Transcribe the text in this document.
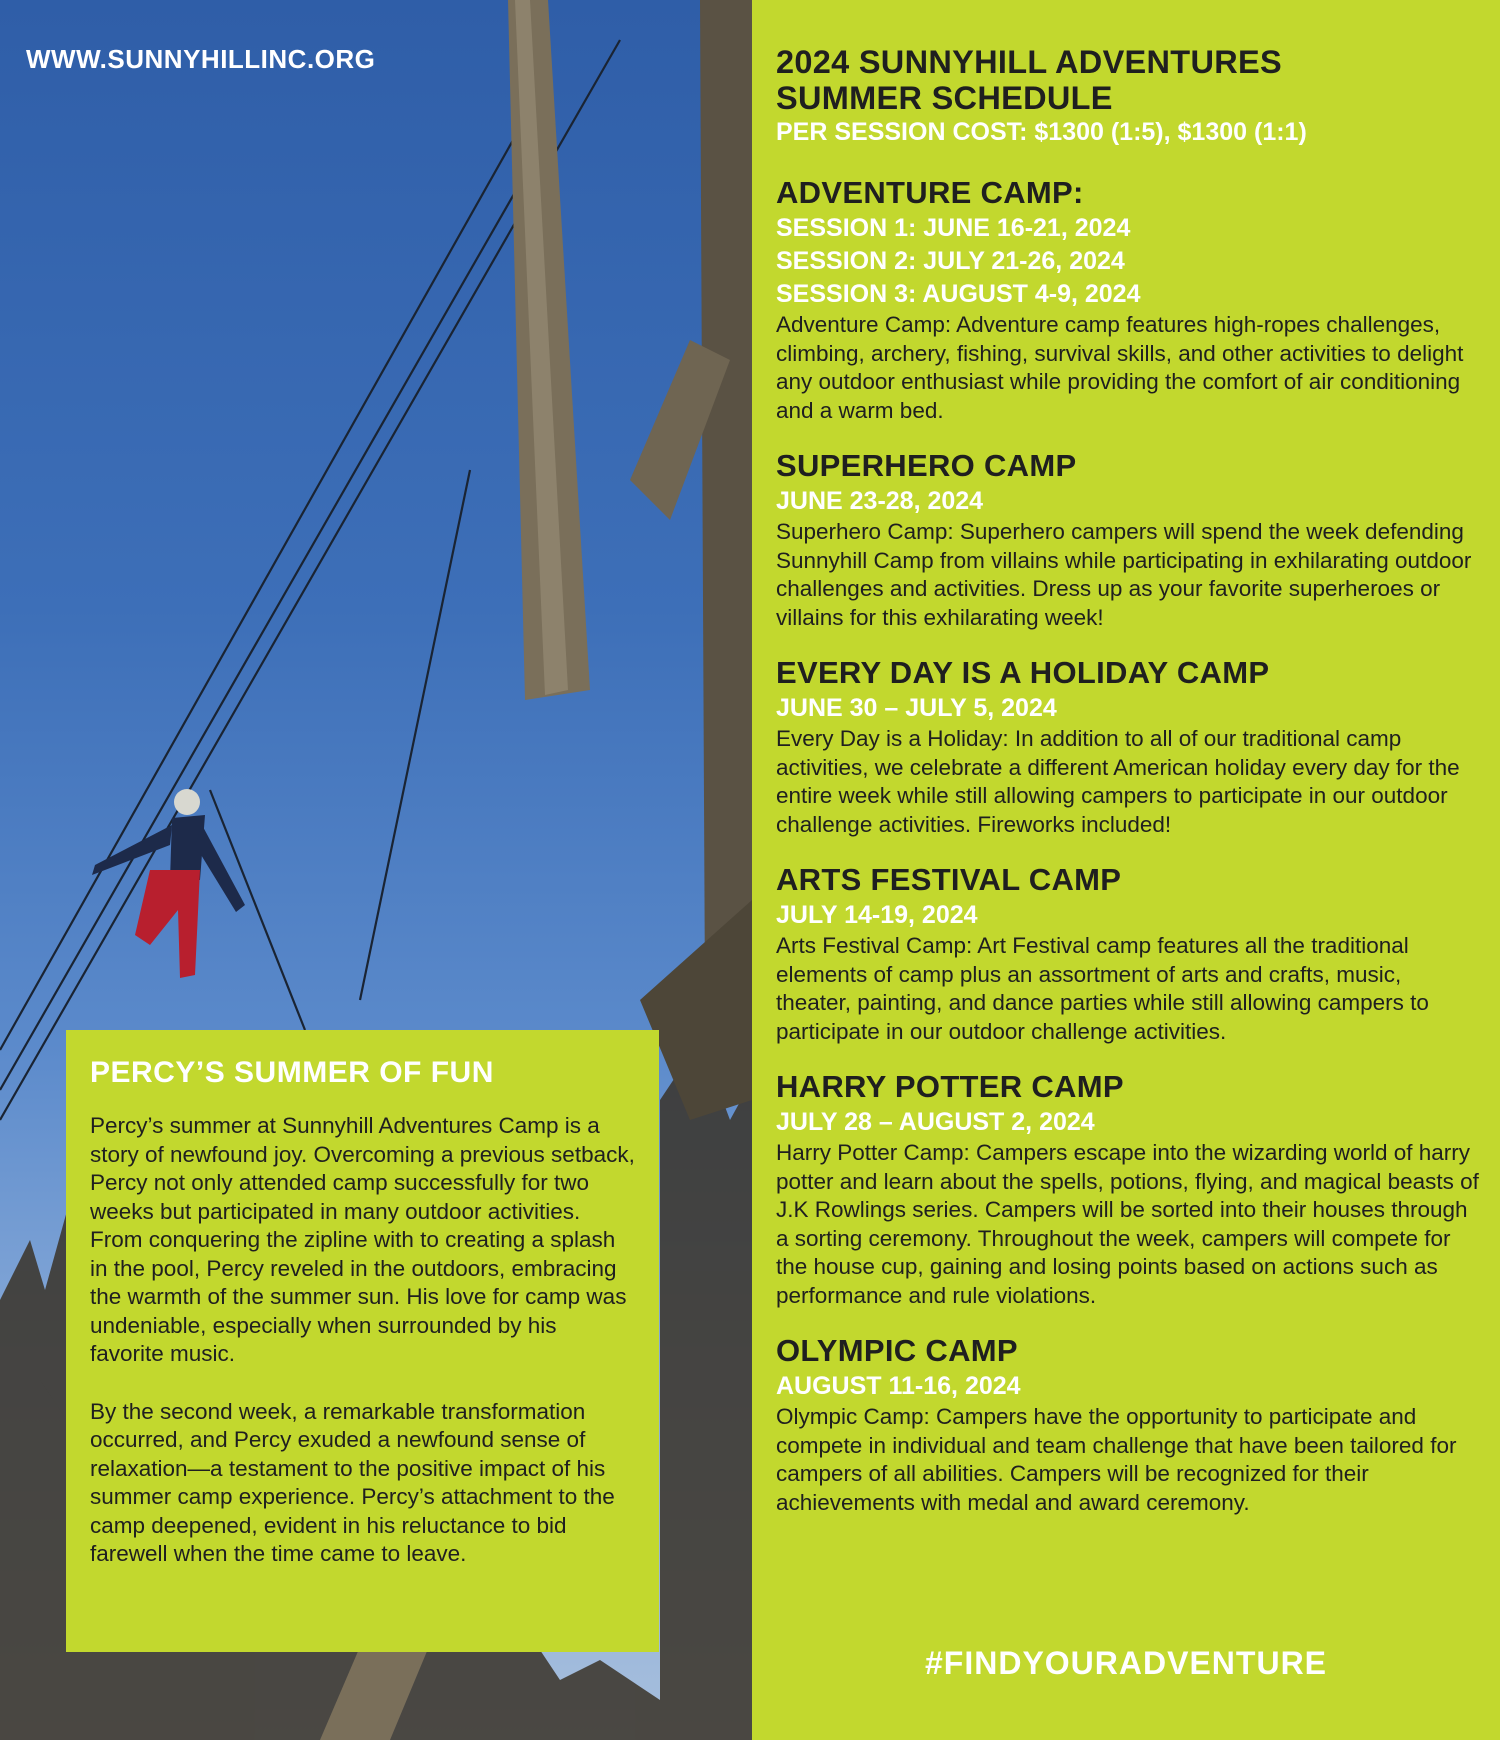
WWW.SUNNYHILLINC.ORG
PERCY’S SUMMER OF FUN

Percy’s summer at Sunnyhill Adventures Camp is a story of newfound joy. Overcoming a previous setback, Percy not only attended camp successfully for two weeks but participated in many outdoor activities. From conquering the zipline with to creating a splash in the pool, Percy reveled in the outdoors, embracing the warmth of the summer sun. His love for camp was undeniable, especially when surrounded by his favorite music.

By the second week, a remarkable transformation occurred, and Percy exuded a newfound sense of relaxation—a testament to the positive impact of his summer camp experience. Percy’s attachment to the camp deepened, evident in his reluctance to bid farewell when the time came to leave.

2024 SUNNYHILL ADVENTURES
SUMMER SCHEDULE
PER SESSION COST: $1300 (1:5), $1300 (1:1)
ADVENTURE CAMP:
SESSION 1: JUNE 16-21, 2024
SESSION 2: JULY 21-26, 2024
SESSION 3: AUGUST 4-9, 2024
Adventure Camp: Adventure camp features high-ropes challenges, climbing, archery, fishing, survival skills, and other activities to delight any outdoor enthusiast while providing the comfort of air conditioning and a warm bed.
SUPERHERO CAMP
JUNE 23-28, 2024
Superhero Camp: Superhero campers will spend the week defending Sunnyhill Camp from villains while participating in exhilarating outdoor challenges and activities. Dress up as your favorite superheroes or villains for this exhilarating week!
EVERY DAY IS A HOLIDAY CAMP
JUNE 30 – JULY 5, 2024
Every Day is a Holiday: In addition to all of our traditional camp activities, we celebrate a different American holiday every day for the entire week while still allowing campers to participate in our outdoor challenge activities. Fireworks included!
ARTS FESTIVAL CAMP
JULY 14-19, 2024
Arts Festival Camp: Art Festival camp features all the traditional elements of camp plus an assortment of arts and crafts, music, theater, painting, and dance parties while still allowing campers to participate in our outdoor challenge activities.
HARRY POTTER CAMP
JULY 28 – AUGUST 2, 2024
Harry Potter Camp: Campers escape into the wizarding world of harry potter and learn about the spells, potions, flying, and magical beasts of J.K Rowlings series. Campers will be sorted into their houses through a sorting ceremony. Throughout the week, campers will compete for the house cup, gaining and losing points based on actions such as performance and rule violations.
OLYMPIC CAMP
AUGUST 11-16, 2024
Olympic Camp: Campers have the opportunity to participate and compete in individual and team challenge that have been tailored for campers of all abilities. Campers will be recognized for their achievements with medal and award ceremony.
#FINDYOURADVENTURE
